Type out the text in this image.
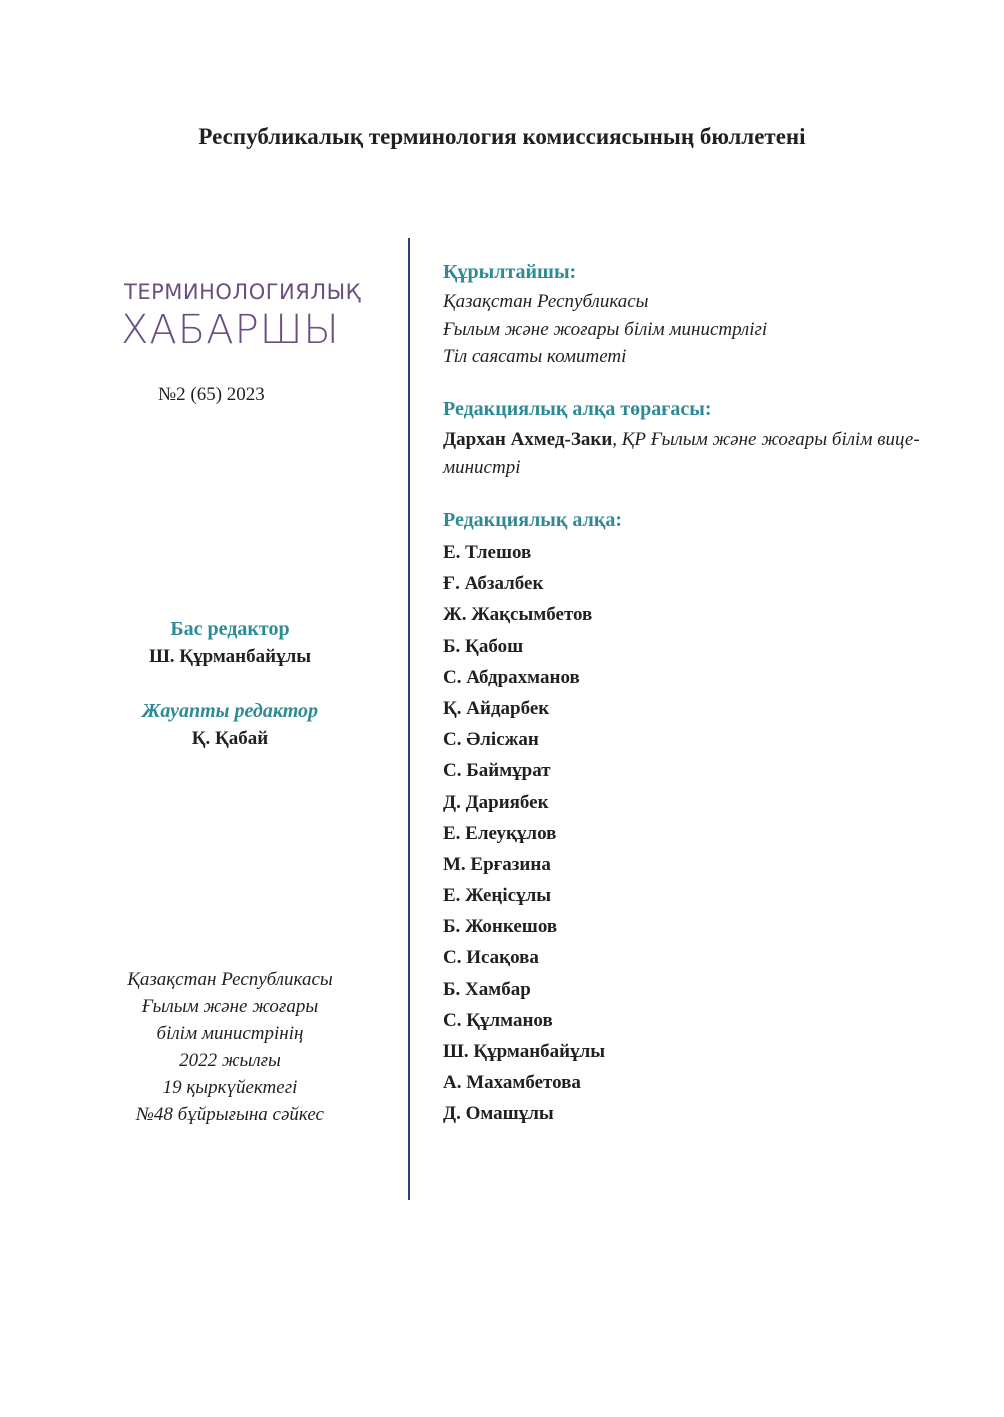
Республикалық терминология комиссиясының бюллетені
ТЕРМИНОЛОГИЯЛЫҚ
ХАБАРШЫ
№2 (65) 2023
Бас редактор
Ш. Құрманбайұлы
Жауапты редактор
Қ. Қабай
Қазақстан Республикасы
Ғылым және жоғары
білім министрінің
2022 жылғы
19 қыркүйектегі
№48 бұйрығына сәйкес
Құрылтайшы:
Қазақстан Республикасы
Ғылым және жоғары білім министрлігі
Тіл саясаты комитеті
Редакциялық алқа төрағасы:
Дархан Ахмед-Заки, ҚР Ғылым және жоғары білім вице-министрі
Редакциялық алқа:
Е. Тлешов
Ғ. Абзалбек
Ж. Жақсымбетов
Б. Қабош
С. Абдрахманов
Қ. Айдарбек
С. Әлісжан
С. Баймұрат
Д. Дариябек
Е. Елеуқұлов
М. Ерғазина
Е. Жеңісұлы
Б. Жонкешов
С. Исақова
Б. Хамбар
С. Құлманов
Ш. Құрманбайұлы
А. Махамбетова
Д. Омашұлы
